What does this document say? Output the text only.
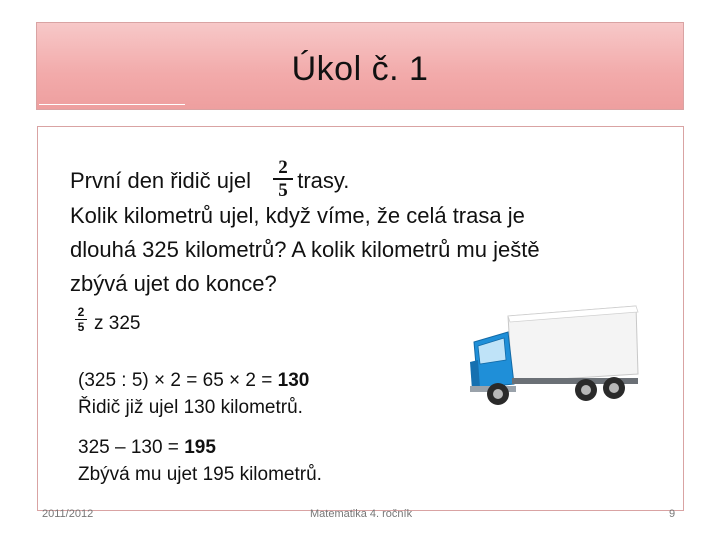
Úkol č. 1
První den řidič ujel trasy.
2
5
Kolik kilometrů ujel, když víme, že celá trasa je
dlouhá 325 kilometrů? A kolik kilometrů mu ještě
zbývá ujet do konce?
2
5 z 325
(325 : 5) × 2 = 65 × 2 = 130
Řidič již ujel 130 kilometrů.
325 – 130 = 195
Zbývá mu ujet 195 kilometrů.
2011/2012	Matematika 4. ročník	9
